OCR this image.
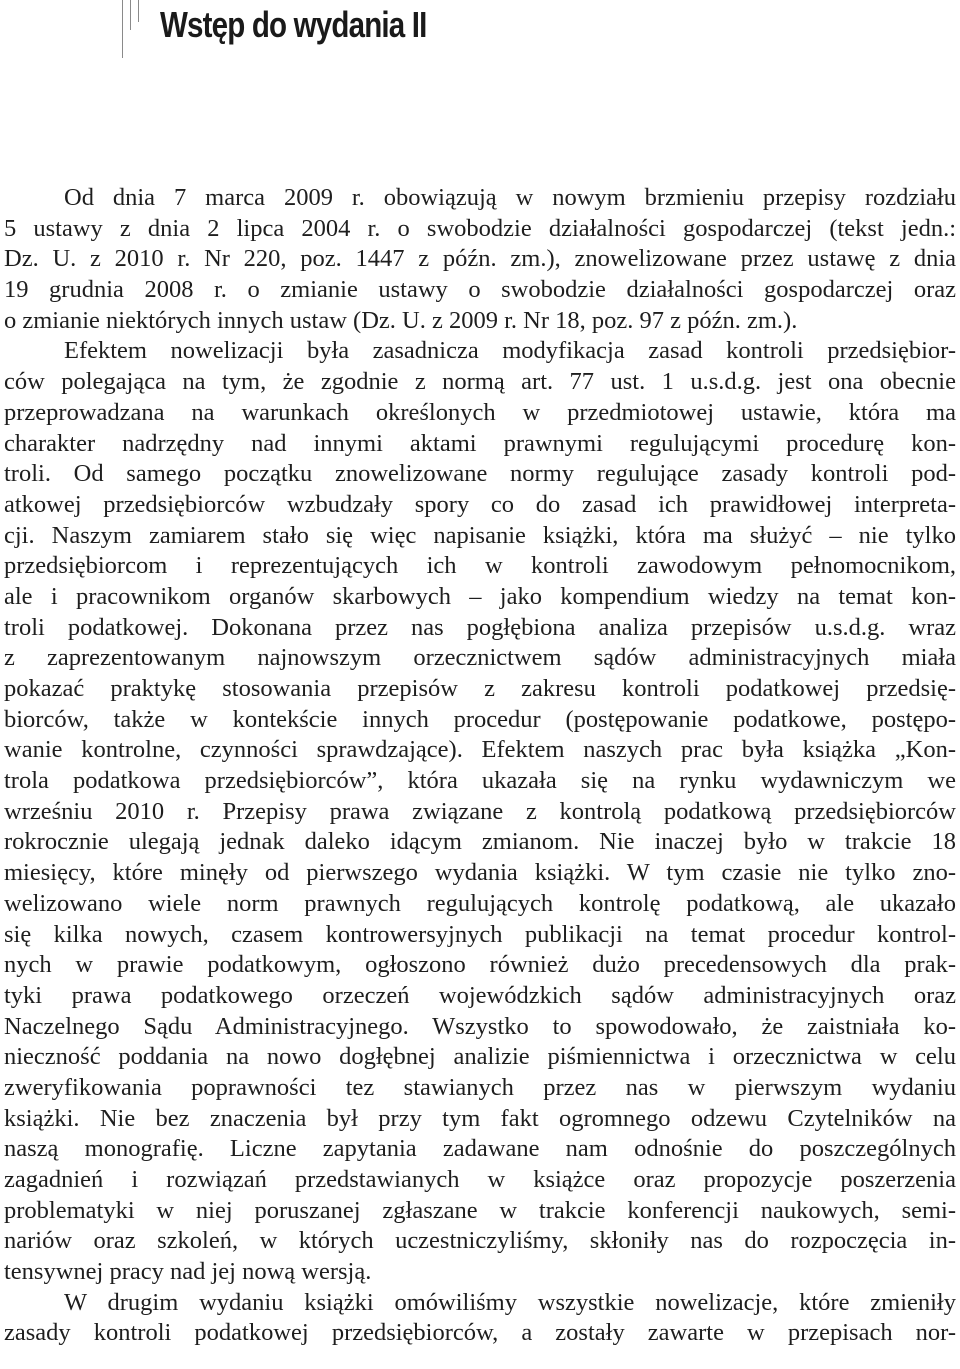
Wstęp do wydania II
Od dnia 7 marca 2009 r. obowiązują w nowym brzmieniu przepisy rozdziału
5 ustawy z dnia 2 lipca 2004 r. o swobodzie działalności gospodarczej (tekst jedn.:
Dz. U. z 2010 r. Nr 220, poz. 1447 z późn. zm.), znowelizowane przez ustawę z dnia
19 grudnia 2008 r. o zmianie ustawy o swobodzie działalności gospodarczej oraz
o zmianie niektórych innych ustaw (Dz. U. z 2009 r. Nr 18, poz. 97 z późn. zm.).
Efektem nowelizacji była zasadnicza modyfikacja zasad kontroli przedsiębior-
ców polegająca na tym, że zgodnie z normą art. 77 ust. 1 u.s.d.g. jest ona obecnie
przeprowadzana na warunkach określonych w przedmiotowej ustawie, która ma
charakter nadrzędny nad innymi aktami prawnymi regulującymi procedurę kon-
troli. Od samego początku znowelizowane normy regulujące zasady kontroli pod-
atkowej przedsiębiorców wzbudzały spory co do zasad ich prawidłowej interpreta-
cji. Naszym zamiarem stało się więc napisanie książki, która ma służyć – nie tylko
przedsiębiorcom i reprezentujących ich w kontroli zawodowym pełnomocnikom,
ale i pracownikom organów skarbowych – jako kompendium wiedzy na temat kon-
troli podatkowej. Dokonana przez nas pogłębiona analiza przepisów u.s.d.g. wraz
z zaprezentowanym najnowszym orzecznictwem sądów administracyjnych miała
pokazać praktykę stosowania przepisów z zakresu kontroli podatkowej przedsię-
biorców, także w kontekście innych procedur (postępowanie podatkowe, postępo-
wanie kontrolne, czynności sprawdzające). Efektem naszych prac była książka „Kon-
trola podatkowa przedsiębiorców”, która ukazała się na rynku wydawniczym we
wrześniu 2010 r. Przepisy prawa związane z kontrolą podatkową przedsiębiorców
rokrocznie ulegają jednak daleko idącym zmianom. Nie inaczej było w trakcie 18
miesięcy, które minęły od pierwszego wydania książki. W tym czasie nie tylko zno-
welizowano wiele norm prawnych regulujących kontrolę podatkową, ale ukazało
się kilka nowych, czasem kontrowersyjnych publikacji na temat procedur kontrol-
nych w prawie podatkowym, ogłoszono również dużo precedensowych dla prak-
tyki prawa podatkowego orzeczeń wojewódzkich sądów administracyjnych oraz
Naczelnego Sądu Administracyjnego. Wszystko to spowodowało, że zaistniała ko-
nieczność poddania na nowo dogłębnej analizie piśmiennictwa i orzecznictwa w celu
zweryfikowania poprawności tez stawianych przez nas w pierwszym wydaniu
książki. Nie bez znaczenia był przy tym fakt ogromnego odzewu Czytelników na
naszą monografię. Liczne zapytania zadawane nam odnośnie do poszczególnych
zagadnień i rozwiązań przedstawianych w książce oraz propozycje poszerzenia
problematyki w niej poruszanej zgłaszane w trakcie konferencji naukowych, semi-
nariów oraz szkoleń, w których uczestniczyliśmy, skłoniły nas do rozpoczęcia in-
tensywnej pracy nad jej nową wersją.
W drugim wydaniu książki omówiliśmy wszystkie nowelizacje, które zmieniły
zasady kontroli podatkowej przedsiębiorców, a zostały zawarte w przepisach nor-
